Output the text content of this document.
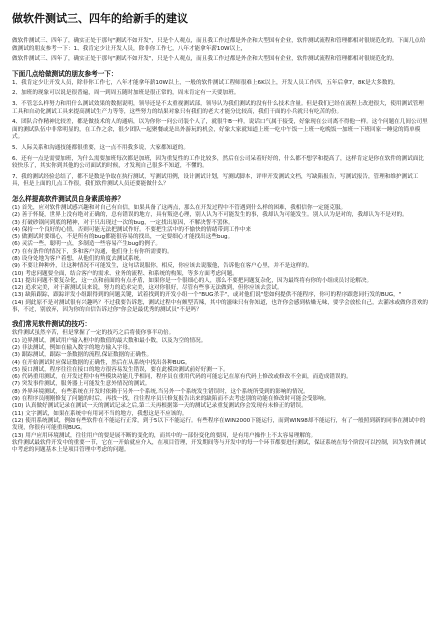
做软件测试三、四年的给新手的建议

做软件测试三、四年了，确实正处于那句"测试不如开发"，只是个人观点，而且我工作过都是外企和大型国有企业，软件测试流程和管理都相对很规范化的。下面几点给做测试的朋友参考一下：1、我肯定少让开发人员，除非你工作七，八年才能拿年薪10W以上，

做软件测试三、四年了，确实正处于那句"测试不如开发"，只是个人观点，而且我工作过都是外企和大型国有企业，软件测试流程和管理都相对很规范化的。

下面几点给做测试的朋友参考一下：

1、我肯定少让开发人员，除非你工作七，八年才能拿年薪10W以上，一般的软件测试工程师很难上6K以上，开发人员工作四，五年后拿7，8K是大多数的。

2、加班的现象可以说是很普遍，周一到周五随时加班是很正常的，周末肯定有一天要加班。

3、不管怎么样努力和用什么测试效果的数据说明，领导还是不太重视测试部，领导认为我们测试的没有什么技术含量。但是我们已经在流程上改进很大，使用测试管理工具和自动化测试工具来提高测试生产力等等，这些努力的结果对象只有我们的老大才能分比较高，我们干面的小兵就只有吃苦的份。

4、团队合作精神比较差，都是做技术的人的通病，以为你你一问公司装个人了，就很牛B一样，说话口气属于接受，好象现在公司离不得他一样。这个问题在几间公司里面的测试队伍中非常明显的，在工作之余，很少团队一起聚餐或是出外游玩的机会，好象大家就知道上班一吃中午饭一上班一吃晚饭一加班一下班回家一睡觉的简单模式。

5、人际关系和沟通技能都很重要，这一点不用我多说，大家都知道的。

6、还有一点是需要加班，为什么需要加班每次都是加班，因为重复性的工作比较多，然后在公司呆着好好的，什么都不想学和提高了，这样肯定是你在软件的测试面比较快乐了，其实你到其他的公司面试的时候，才发现自己很多不知道，不懂的。

7、我的测试经验总结了，都不是数是争取在执行测试，写测试用例，设计测试计划，写测试脚本，评审开发测试文档，写缺陷报告，写测试报告，管理和维护测试工具，但是上面的几点工作很，我们软件测试人员还要能做什么？

怎么样提高软件测试员自身素质培养？

(1) 首先，应对软件测试感兴趣和对自己有自信，如果具备了这两点，那么在开发过程中不管遇到什么样的困难，我相信你一定能克服。

(2) 善于怀疑，世界上没有绝对正确的，总有错误的地方，具有叛逆心理，别人认为不可能发生的事，我却认为可能发生。别人认为是对的，我却认为不是对的。

(3) 打破砂锅问到底的精神，对于只出现过一次的bug，一定找出原因，不解决誓不罢休。

(4) 保持一个良好的心情，否则可能无法把测试作好。不要把生活中的不愉快的情绪带到工作中来

(5) 做测试时要细心，不是所有的bug都能很容易的找出，一定要细心才能找出这些bug。

(6) 灵活一些，聪明一点，多制造一些容易产生bug的例子。

(7) 在有条件的情况下，多和客户沟通，他们身上有你所需要的。

(8) 设身处地为客户着想，从他们的角度去测试系统。

(9) 不要让种种外，让这种情况不可能发生，这句话说服你，相反，你应该去说服他，告诉他在客户心里，并不是这样的。

(10) 考虑问题要全面，结合客户的需求、业务的流程、和系统的构架，等多方面考虑问题。

(11) 提出问题不要复杂化，这一点和前面的有点矛盾，如果你是一个很细心的人，那么不要把问题复杂化，因为最终将有你的小组成员讨论解决。

(12) 追求完美，对于新测试员来说，努力的追求完美，这对你很好，尽管有些事无法做到，但你应该去尝试。

(13) 缺陷跟踪，跟踪评发小组跟得到的问题关键，试着找到的开发小组一个"BUG杀手"，或对他们说"您如何提供不能程序，你可的程序跟您同行发的BUG，"

(14) 到此原不是对测试很有兴趣吗？不过我要告诉您，测试过程中有颇型苦辣，其中的滋味只有你知道，也许你会感到枯燥无味，要学会放松自己，去灌冰或做你喜欢的事，不过，别放弃，因为你的自信告诉过你"你会是最优秀的测试员"不是吗？

我们常见软件测试的技巧：

软件测试虽然辛苦，但是掌握了一定的技巧之后将使你事半功倍。

(1) 边界测试，测试用户输入框中的数值的最大数和最小数，以及为空的情况。

(2) 非法测试，例如在输入数字的地方输入字母。

(3) 跟踪测试，跟踪一条数据的流程,保证数据的正确性。

(4) 在开始测试时应保证数据的正确性，然后在从系统中找出各种BUG。

(5) 接口测试，程序往往在接口的地方很容易发生错误，要在此模块测试前好好测一下。

(6) 代码重用测试，在开发过程中有些模块功能几乎相同，程序员在重用代码的可能忘记在原有代码上修改或修改不全面，而造成错误的。

(7) 突发事件测试，服务器上可能发生意外情况的测试。

(8) 外界环境测试，有些系统在开发时依赖于另外一个系统,当另外一个系统发生错误时，这个系统所受到的影响的情况。

(9) 在程序员刚刚修复了问题的时后，再找一找，往往程序员只修复报告出来的缺陷而不去考虑别的功能在修改时可能会受影响。

(10) 认真做好测试记录在测试一天的测试记录之后,第二天再根据第一天的测试记录重复测试你会发现有未修正的错误。

(11) 文字测试，如果在系统中有用词不当的地方，我想这是不应该的。

(12) 使用系统测试，例如有些软件在不能运行正常，到于5以下不能运行。有些程序在WIN2000下能运行，而到WIN98却不能运行，有了一般照到新的同事在测试中的发现，你很有可能重现BUG。

(13) 用户应用环境测试，往往用户的要是展不断的变化的，而其中的一部份变化的要因，是有用户操作上不太容易理解的。

软件测试最软件开发中的重要一节，它在一开始就应介入，在项目管理，开发期间等与开发中的每一个环节都要进行测试，保证系统在每个阶段可以控制，因为软件测试中考虑的问题基本上是项目管理中考虑的问题。
